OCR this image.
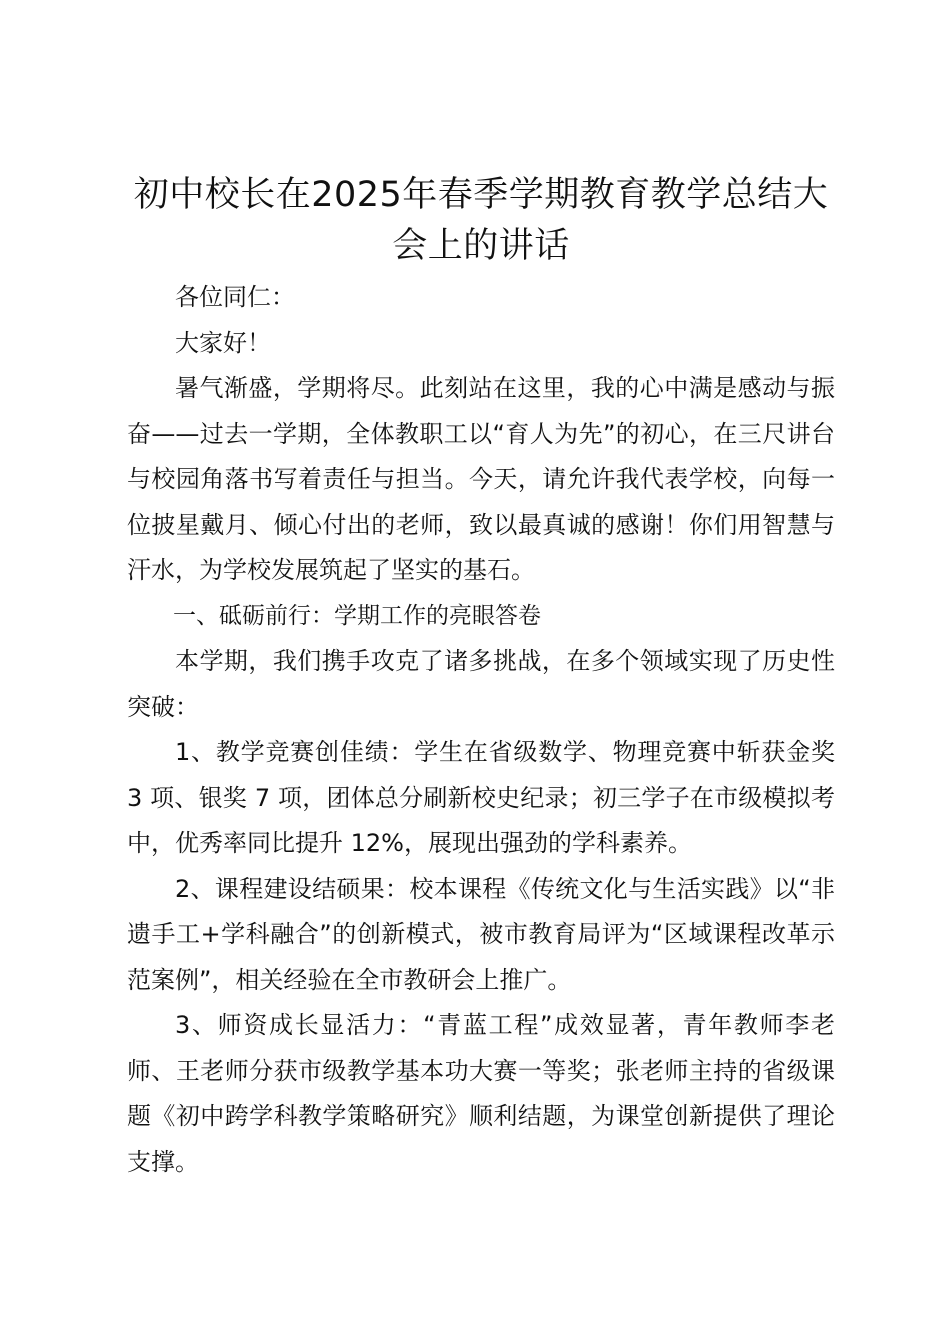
初中校长在2025年春季学期教育教学总结大
会上的讲话

各位同仁：

大家好！

暑气渐盛，学期将尽。此刻站在这里，我的心中满是感动与振奋——过去一学期，全体教职工以“育人为先”的初心，在三尺讲台与校园角落书写着责任与担当。今天，请允许我代表学校，向每一位披星戴月、倾心付出的老师，致以最真诚的感谢！你们用智慧与汗水，为学校发展筑起了坚实的基石。

一、砥砺前行：学期工作的亮眼答卷

本学期，我们携手攻克了诸多挑战，在多个领域实现了历史性突破：

1、教学竞赛创佳绩：学生在省级数学、物理竞赛中斩获金奖 3 项、银奖 7 项，团体总分刷新校史纪录；初三学子在市级模拟考中，优秀率同比提升 12%，展现出强劲的学科素养。

2、课程建设结硕果：校本课程《传统文化与生活实践》以“非遗手工+学科融合”的创新模式，被市教育局评为“区域课程改革示范案例”，相关经验在全市教研会上推广。

3、师资成长显活力：“青蓝工程”成效显著，青年教师李老师、王老师分获市级教学基本功大赛一等奖；张老师主持的省级课题《初中跨学科教学策略研究》顺利结题，为课堂创新提供了理论支撑。
